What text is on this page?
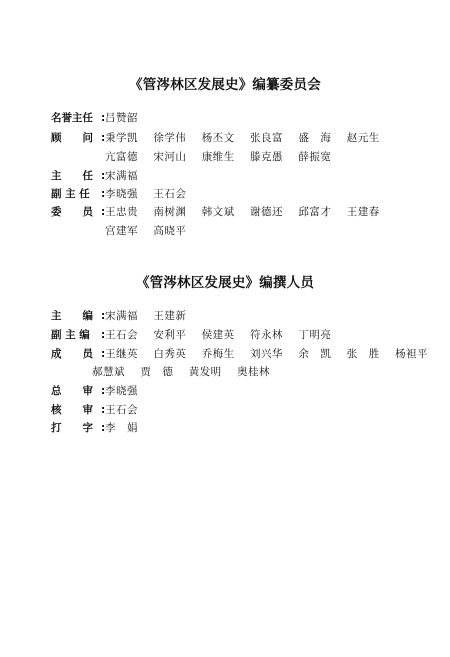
《管涔林区发展史》编纂委员会
名誉主任 : 吕赞韶
顾　　问 : 秉学凯 徐学伟 杨丕文 张良富 盛　海 赵元生
亢富德 宋河山 康维生 滕克愚 薛振宽
主　　任 : 宋满福
副 主 任	: 李晓强 王石会
委　　员 : 王忠贵 南树渊 韩文斌 谢德还 邱富才 王建春
宫建军 高晓平
《管涔林区发展史》编撰人员
主　　编 : 宋满福 王建新
副 主 编	: 王石会 安利平 侯建英 符永林 丁明亮
成　　员 : 王继英 白秀英 乔梅生 刘兴华 余　凯 张　胜 杨袒平
郝慧斌 贾　德 黄发明 奥桂林
总　　审 : 李晓强
核　　审 : 王石会
打　　字 : 李　娟
